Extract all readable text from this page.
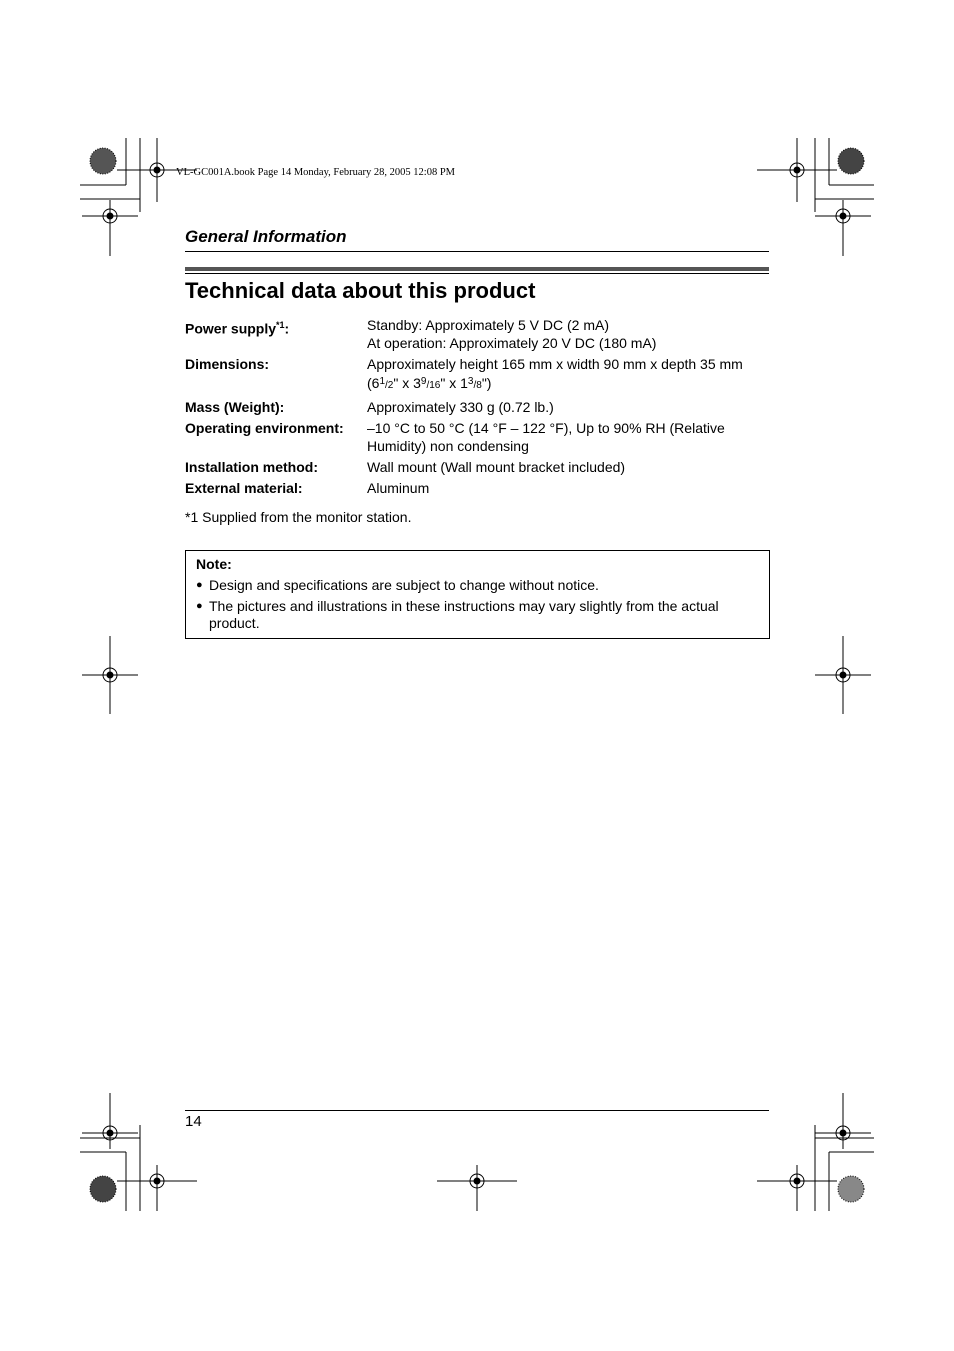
VL-GC001A.book Page 14 Monday, February 28, 2005 12:08 PM
General Information
Technical data about this product
Power supply$^{*1}$:	Standby: Approximately 5 V DC (2 mA)
At operation: Approximately 20 V DC (180 mA)
Dimensions:	Approximately height 165 mm x width 90 mm x depth 35 mm
($6^1/2$" x $3^9/16$" x $1^3/8$")
Mass (Weight):	Approximately 330 g (0.72 lb.)
Operating environment:	–10 °C to 50 °C (14 °F – 122 °F), Up to 90% RH (Relative
Humidity) non condensing
Installation method:	Wall mount (Wall mount bracket included)
External material:	Aluminum
*1 Supplied from the monitor station.
Note:
● Design and specifications are subject to change without notice.
● The pictures and illustrations in these instructions may vary slightly from the actual product.
14
